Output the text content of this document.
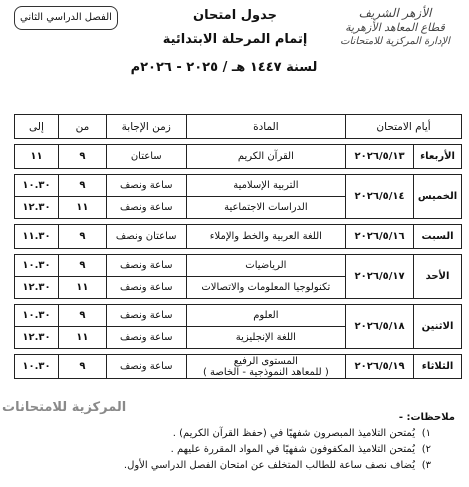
الأزهر الشريف
قطاع المعاهد الأزهرية
الإدارة المركزية للامتحانات
جدول امتحان
إتمام المرحلة الابتدائية
لسنة ١٤٤٧ هـ / ٢٠٢٥ - ٢٠٢٦م
الفصل الدراسي الثاني
أيام الامتحان		المادة	زمن الإجابة	من	إلى

الأربعاء	٢٠٢٦/٥/١٣	القرآن الكريم	ساعتان	٩	١١

الخميس	٢٠٢٦/٥/١٤	التربية الإسلامية	ساعة ونصف	٩	١٠.٣٠
		الدراسات الاجتماعية	ساعة ونصف	١١	١٢.٣٠

السبت	٢٠٢٦/٥/١٦	اللغة العربية والخط والإملاء	ساعتان ونصف	٩	١١.٣٠

الأحد	٢٠٢٦/٥/١٧	الرياضيات	ساعة ونصف	٩	١٠.٣٠
		تكنولوجيا المعلومات والاتصالات	ساعة ونصف	١١	١٢.٣٠

الاثنين	٢٠٢٦/٥/١٨	العلوم	ساعة ونصف	٩	١٠.٣٠
		اللغة الإنجليزية	ساعة ونصف	١١	١٢.٣٠

الثلاثاء	٢٠٢٦/٥/١٩	المستوى الرفيع
( للمعاهد النموذجية - الخاصة )	ساعة ونصف	٩	١٠.٣٠
المركزية للامتحانات
ملاحظات: -
١)يُمتحن التلاميذ المبصرون شفهيًا في (حفظ القرآن الكريم) .
٢)يُمتحن التلاميذ المكفوفون شفهيًا في المواد المقررة عليهم .
٣)يُضاف نصف ساعة للطالب المتخلف عن امتحان الفصل الدراسي الأول.
